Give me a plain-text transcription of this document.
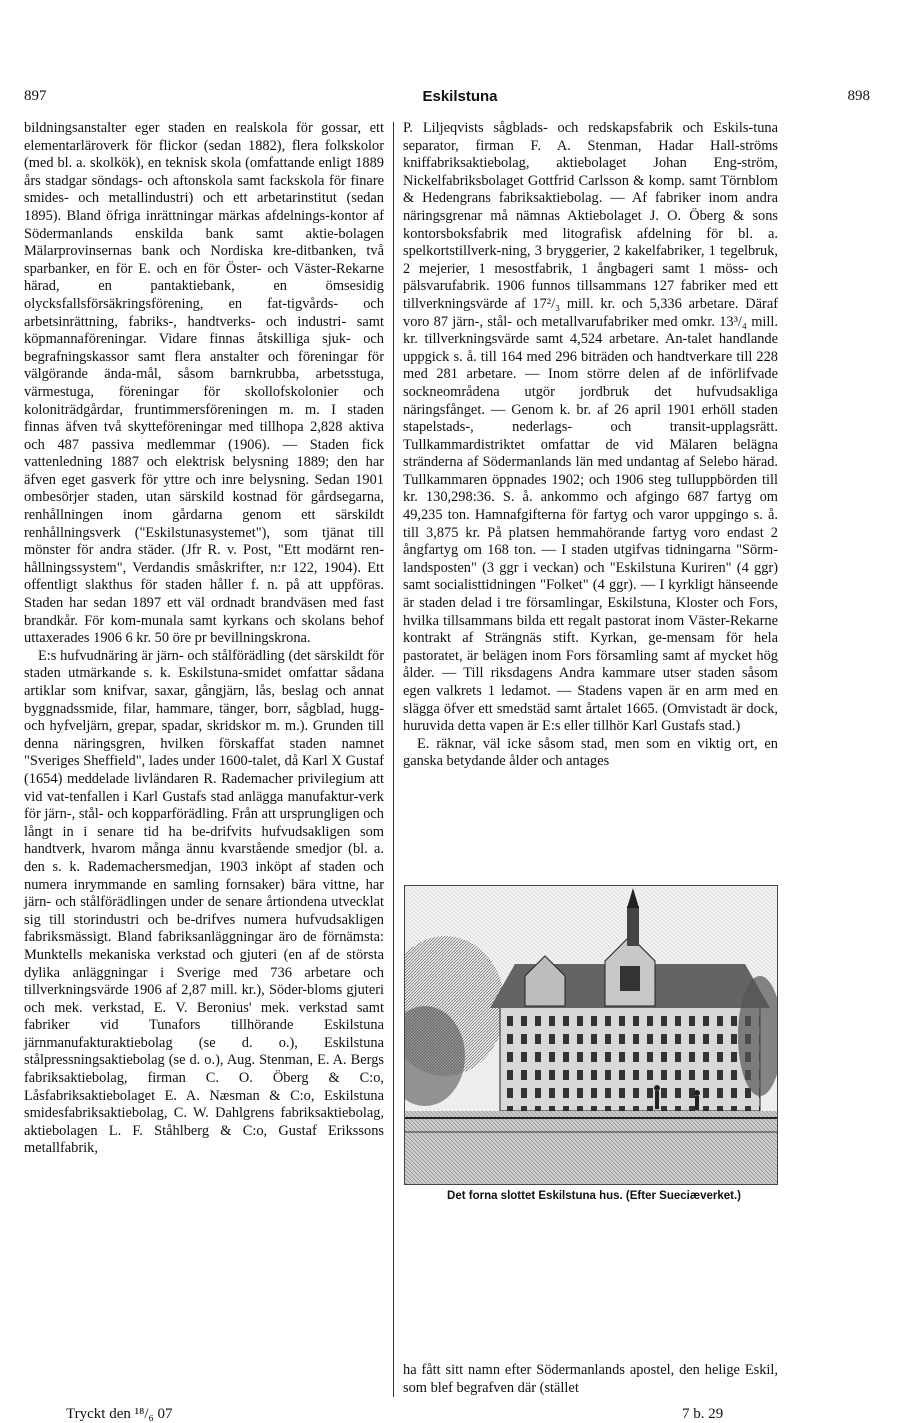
897	Eskilstuna	898

bildningsanstalter eger staden en realskola för gossar, ett elementarläroverk för flickor (sedan 1882), flera folkskolor (med bl. a. skolkök), en teknisk skola (omfattande enligt 1889 års stadgar söndags- och aftonskola samt fackskola för finare smides- och metallindustri) och ett arbetarinstitut (sedan 1895). Bland öfriga inrättningar märkas afdelnings-kontor af Södermanlands enskilda bank samt aktie-bolagen Mälarprovinsernas bank och Nordiska kre-ditbanken, två sparbanker, en för E. och en för Öster- och Väster-Rekarne härad, en pantaktiebank, en ömsesidig olycksfallsförsäkringsförening, en fat-tigvårds- och arbetsinrättning, fabriks-, handtverks- och industri- samt köpmannaföreningar. Vidare finnas åtskilliga sjuk- och begrafningskassor samt flera anstalter och föreningar för välgörande ända-mål, såsom barnkrubba, arbetsstuga, värmestuga, föreningar för skollofskolonier och koloniträdgårdar, fruntimmersföreningen m. m. I staden finnas äfven två skytteföreningar med tillhopa 2,828 aktiva och 487 passiva medlemmar (1906). — Staden fick vattenledning 1887 och elektrisk belysning 1889; den har äfven eget gasverk för yttre och inre belysning. Sedan 1901 ombesörjer staden, utan särskild kostnad för gårdsegarna, renhållningen inom gårdarna genom ett särskildt renhållningsverk ("Eskilstunasystemet"), som tjänat till mönster för andra städer. (Jfr R. v. Post, "Ett modärnt ren-hållningssystem", Verdandis småskrifter, n:r 122, 1904). Ett offentligt slakthus för staden håller f. n. på att uppföras. Staden har sedan 1897 ett väl ordnadt brandväsen med fast brandkår. För kom-munala samt kyrkans och skolans behof uttaxerades 1906 6 kr. 50 öre pr bevillningskrona.

E:s hufvudnäring är järn- och stålförädling (det särskildt för staden utmärkande s. k. Eskilstuna-smidet omfattar sådana artiklar som knifvar, saxar, gångjärn, lås, beslag och annat byggnadssmide, filar, hammare, tänger, borr, sågblad, hugg- och hyfveljärn, grepar, spadar, skridskor m. m.). Grunden till denna näringsgren, hvilken förskaffat staden namnet "Sveriges Sheffield", lades under 1600-talet, då Karl X Gustaf (1654) meddelade livländaren R. Rademacher privilegium att vid vat-tenfallen i Karl Gustafs stad anlägga manufaktur-verk för järn-, stål- och kopparförädling. Från att ursprungligen och långt in i senare tid ha be-drifvits hufvudsakligen som handtverk, hvarom många ännu kvarstående smedjor (bl. a. den s. k. Rademachersmedjan, 1903 inköpt af staden och numera inrymmande en samling fornsaker) bära vittne, har järn- och stålförädlingen under de senare årtiondena utvecklat sig till storindustri och be-drifves numera hufvudsakligen fabriksmässigt. Bland fabriksanläggningar äro de förnämsta: Munktells mekaniska verkstad och gjuteri (en af de största dylika anläggningar i Sverige med 736 arbetare och tillverkningsvärde 1906 af 2,87 mill. kr.), Söder-bloms gjuteri och mek. verkstad, E. V. Beronius' mek. verkstad samt fabriker vid Tunafors tillhörande Eskilstuna järnmanufakturaktiebolag (se d. o.), Eskilstuna stålpressningsaktiebolag (se d. o.), Aug. Stenman, E. A. Bergs fabriksaktiebolag, firman C. O. Öberg & C:o, Låsfabriksaktiebolaget E. A. Næsman & C:o, Eskilstuna smidesfabriksaktiebolag, C. W. Dahlgrens fabriksaktiebolag, aktiebolagen L. F. Ståhlberg & C:o, Gustaf Erikssons metallfabrik,

P. Liljeqvists sågblads- och redskapsfabrik och Eskils-tuna separator, firman F. A. Stenman, Hadar Hall-ströms kniffabriksaktiebolag, aktiebolaget Johan Eng-ström, Nickelfabriksbolaget Gottfrid Carlsson & komp. samt Törnblom & Hedengrans fabriksaktiebolag. — Af fabriker inom andra näringsgrenar må nämnas Aktiebolaget J. O. Öberg & sons kontorsboksfabrik med litografisk afdelning för bl. a. spelkortstillverk-ning, 3 bryggerier, 2 kakelfabriker, 1 tegelbruk, 2 mejerier, 1 mesostfabrik, 1 ångbageri samt 1 möss- och pälsvarufabrik. 1906 funnos tillsammans 127 fabriker med ett tillverkningsvärde af 17²/₃ mill. kr. och 5,336 arbetare. Däraf voro 87 järn-, stål- och metallvarufabriker med omkr. 13³/₄ mill. kr. tillverkningsvärde samt 4,524 arbetare. An-talet handlande uppgick s. å. till 164 med 296 biträden och handtverkare till 228 med 281 arbetare. — Inom större delen af de införlifvade sockneområdena utgör jordbruk det hufvudsakliga näringsfånget. — Genom k. br. af 26 april 1901 erhöll staden stapelstads-, nederlags- och transit-upplagsrätt. Tullkammardistriktet omfattar de vid Mälaren belägna stränderna af Södermanlands län med undantag af Selebo härad. Tullkammaren öppnades 1902; och 1906 steg tulluppbörden till kr. 130,298:36. S. å. ankommo och afgingo 687 fartyg om 49,235 ton. Hamnafgifterna för fartyg och varor uppgingo s. å. till 3,875 kr. På platsen hemmahörande fartyg voro endast 2 ångfartyg om 168 ton. — I staden utgifvas tidningarna "Sörm-landsposten" (3 ggr i veckan) och "Eskilstuna Kuriren" (4 ggr) samt socialisttidningen "Folket" (4 ggr). — I kyrkligt hänseende är staden delad i tre församlingar, Eskilstuna, Kloster och Fors, hvilka tillsammans bilda ett regalt pastorat inom Väster-Rekarne kontrakt af Strängnäs stift. Kyrkan, ge-mensam för hela pastoratet, är belägen inom Fors församling samt af mycket hög ålder. — Till riksdagens Andra kammare utser staden såsom egen valkrets 1 ledamot. — Stadens vapen är en arm med en slägga öfver ett smedstäd samt årtalet 1665. (Omvistadt är dock, huruvida detta vapen är E:s eller tillhör Karl Gustafs stad.)

E. räknar, väl icke såsom stad, men som en viktig ort, en ganska betydande ålder och antages

Det forna slottet Eskilstuna hus. (Efter Sueciæverket.)

ha fått sitt namn efter Södermanlands apostel, den helige Eskil, som blef begrafven där (stället

Tryckt den ¹⁸/₆ 07	7 b. 29
